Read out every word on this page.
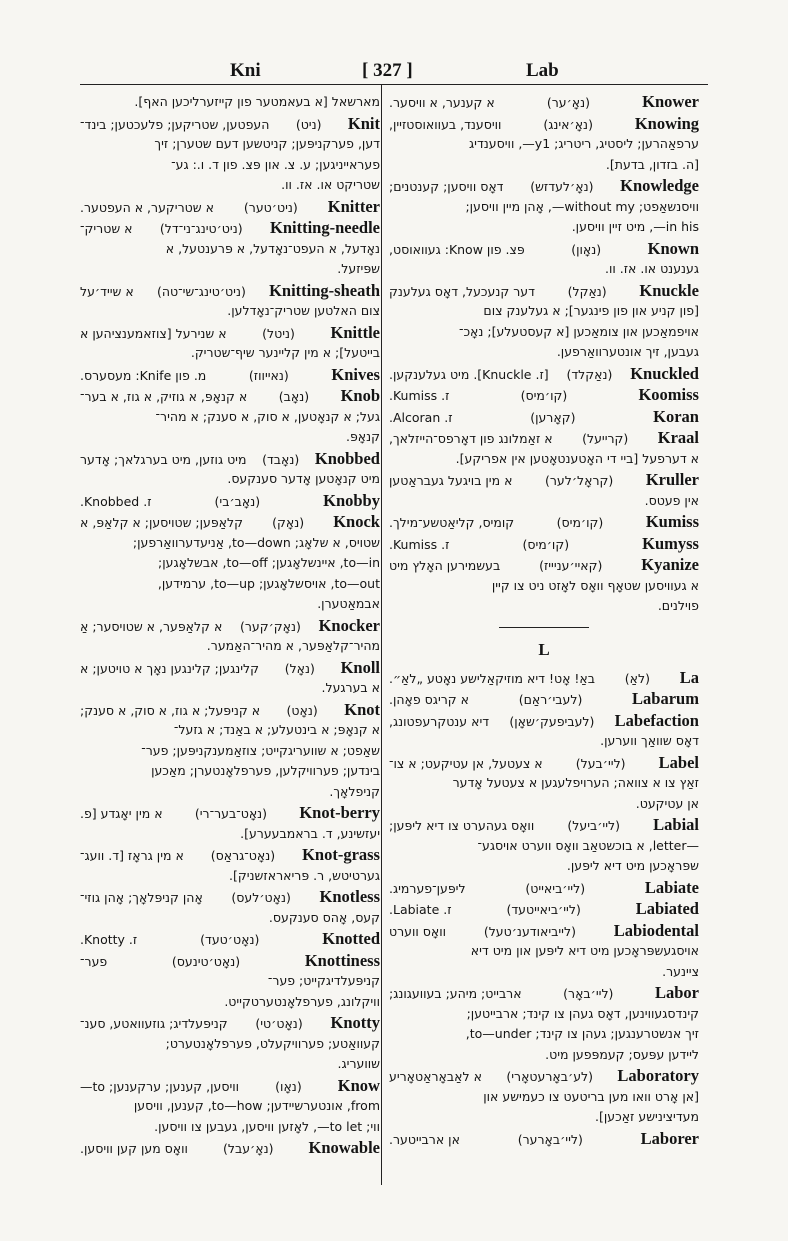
Kni	[ 327 ]	Lab
מארשאל [א בעאמטער פון קייזערליכען האף].
Knit
(ניט)
העפטען, שטריקען; פלעכטען; בינד־
דען, פערקניפּען; קניטשען דעם שטערן; זיך
פעראייניגען; ע. צ. און פּצ. פון ד. ו.: גע־
שטריקט או. אז. וו.
Knitter
(ניט׳טער)
א שטריקער, א העפטער.
Knitting-needle
(ניט׳טינג־ני־דל)
א שטריק־
נאָדעל, א העפט־נאָדעל, א פּרענטעל, א
שפּיזעל.
Knitting-sheath
(ניט׳טינג־שי־טה)
א שייד׳על
צום האלטען שטריק־נאָדלען.
Knittle
(ניטל)
א שנירעל [צוזאמענציהען א
בייטעל]; א מין קליינער שיף־שטריק.
Knives
(נאייווז)
מ. פון Knife: מעסערס.
Knob
(נאָב)
א קנאָפּ, א גוזיק, א גוז, א בער־
געל; א קנאָטען, א סוק, א סענק; א מהיר־
קנאָפּ.
Knobbed
(נאָבד)
מיט גוזען, מיט בערגלאך; אָדער
מיט קנאָטען אָדער סענקעס.
Knobby
(נאָב׳בי)
ז. Knobbed.
Knock
(נאָק)
קלאַפּען; שטויסען; א קלאַפּ, א
שטויס, א שלאָג; to—down, אַניעדערוואַרפען;
to—in, איינשלאָגען; to—off, אבשלאָגען;
to—out, אויסשלאָגען; to—up, ערמידען,
אבמאַטערן.
Knocker
(נאָק׳קער)
א קלאַפּער, א שטויסער; אַ
מהיר־קלאַפּער, א מהיר־האַמער.
Knoll
(נאָל)
קלינגען; קלינגען נאָך א טויטען; א
א בערגעל.
Knot
(נאָט)
א קניפּעל; א גוז, א סוק, א סענק;
א קנאָפּ; א בינטעלע; א באַנד; א גזעל־
שאַפט; א שוועריגקייט; צוזאַמענקניפּען; פער־
בינדען; פערוויקלען, פערפלאָנטערן; מאַכען
קניפלאָך.
Knot-berry
(נאָט־בער־רי)
א מין יאָגדע [פ.
יעזשינע, ד. בראמבעערע].
Knot-grass
(נאָט־גראַס)
א מין גראָז [ד. וועג־
גערטיטש, ר. פּריאראזשניק].
Knotless
(נאָט׳לעס)
אָהן קניפּלאָך; אָהן גוזי־
קעס, אָהס סענקעס.
Knotted
(נאָט׳טעד)
ז. Knotty.
Knottiness
(נאָט׳טינעס)
פער־
קניפּעלדיגקייט; פער־
וויקלונג, פערפלאָנטערטקייט.
Knotty
(נאָט׳טי)
קניפּעלדיג; גוזעוואטע, סענ־
קעוואַטע; פערוויקעלט, פערפלאָנטערט;
שוועריג.
Know
(נאָו)
וויסען, קענען; ערקענען; to—
from, אונטערשיידען; to—how, קענען, וויסען
ווי; to let—, לאָזען וויסען, געבען צו וויסען.
Knowable
(נאָ׳עבל)
וואָס מען קען וויסען.
Knower
(נאָ׳ער)
א קענער, א וויסער.
Knowing
(נאָ׳אינג)
וויסענד, בעוואוסטזיין,
ערפאַהרען; ליסטיג, ריטריג; y1—, וויסענדיג
[ה. בזדון, בדעת].
Knowledge
(נאָ׳לעדזש)
דאָס וויסען; קענטנים;
וויסנשאַפט; without my—, אָהן מיין וויסען;
in his—, מיט זיין וויסען.
Known
(נאָון)
פּצ. פון Know: געוואוסט,
גענענט או. אז. וו.
Knuckle
(נאַקל)
דער קנעכעל, דאָס געלענק
[פון קניע און פון פינגער]; א געלענק צום
אויפמאַכען און צומאַכען [א קעסטעלע]; נאָכ־
געבען, זיך אונטערוואַרפען.
Knuckled
(נאַקלד)
[ז. Knuckle]. מיט געלענקען.
Koomiss
(קו׳מיס)
ז. Kumiss.
Koran
(קאָרען)
ז. Alcoran.
Kraal
(קרייעל)
א זאַמלונג פון דאָרפס־הייזלאך,
א דערפעל [ביי די האָטענטאָטען אין אפריקע].
Kruller
(קראָל׳לער)
א מין בויגעל געבראַטען
אין פעטס.
Kumiss
(קו׳מיס)
קומיס, קליאַטשע־מילך.
Kumyss
(קו׳מיס)
ז. Kumiss.
Kyanize
(קאיי׳עניייז)
בעשמירען האָלץ מיט
א געוויסען שטאָף וואָס לאָזט ניט צו קיין
פוילנים.
L
La
(לאַ)
באַ! אָט! דיא מוזיקאַלישע נאָטע „לאַ״.
Labarum
(לעבי׳ראַם)
א קריגס פאָהן.
Labefaction
(לעביפעק׳שאָן)
דיא ענטקרעפטונג,
דאָס שוואַך ווערען.
Label
(ליי׳בעל)
א צעטעל, אן עטיקעט; א צו־
זאַץ צו א צוואה; הערויפלעגען א צעטעל אָדער
אן עטיקעט.
Labial
(ליי׳ביעל)
וואָס געהערט צו דיא ליפּען;
—letter, א בוכשטאַב וואָס ווערט אויסגע־
שפּראָכען מיט דיא ליפּען.
Labiate
(ליי׳ביאייט)
ליפּען־פערמיג.
Labiated
(ליי׳ביאייטעד)
ז. Labiate.
Labiodental
(לייביאודענ׳טעל)
וואָס ווערט
אויסגעשפּראָכען מיט דיא ליפּען און מיט דיא
ציינער.
Labor
(ליי׳באָר)
ארבייט; מיהע; בעוועגונג;
קינדסגעווינען, דאָס געהן צו קינד; ארבייטען;
זיך אנשטרענגען; געהן צו קינד; to—under,
ליידען עפּעס; קעמפּפען מיט.
Laboratory
(לע׳באָרעטאָרי)
א לאַבאָראַטאָריע
[אן אָרט וואו מען בריטעט צו כעמישע און
מעדיצינישע זאַכען].
Laborer
(ליי׳באָרער)
אן ארבייטער.
